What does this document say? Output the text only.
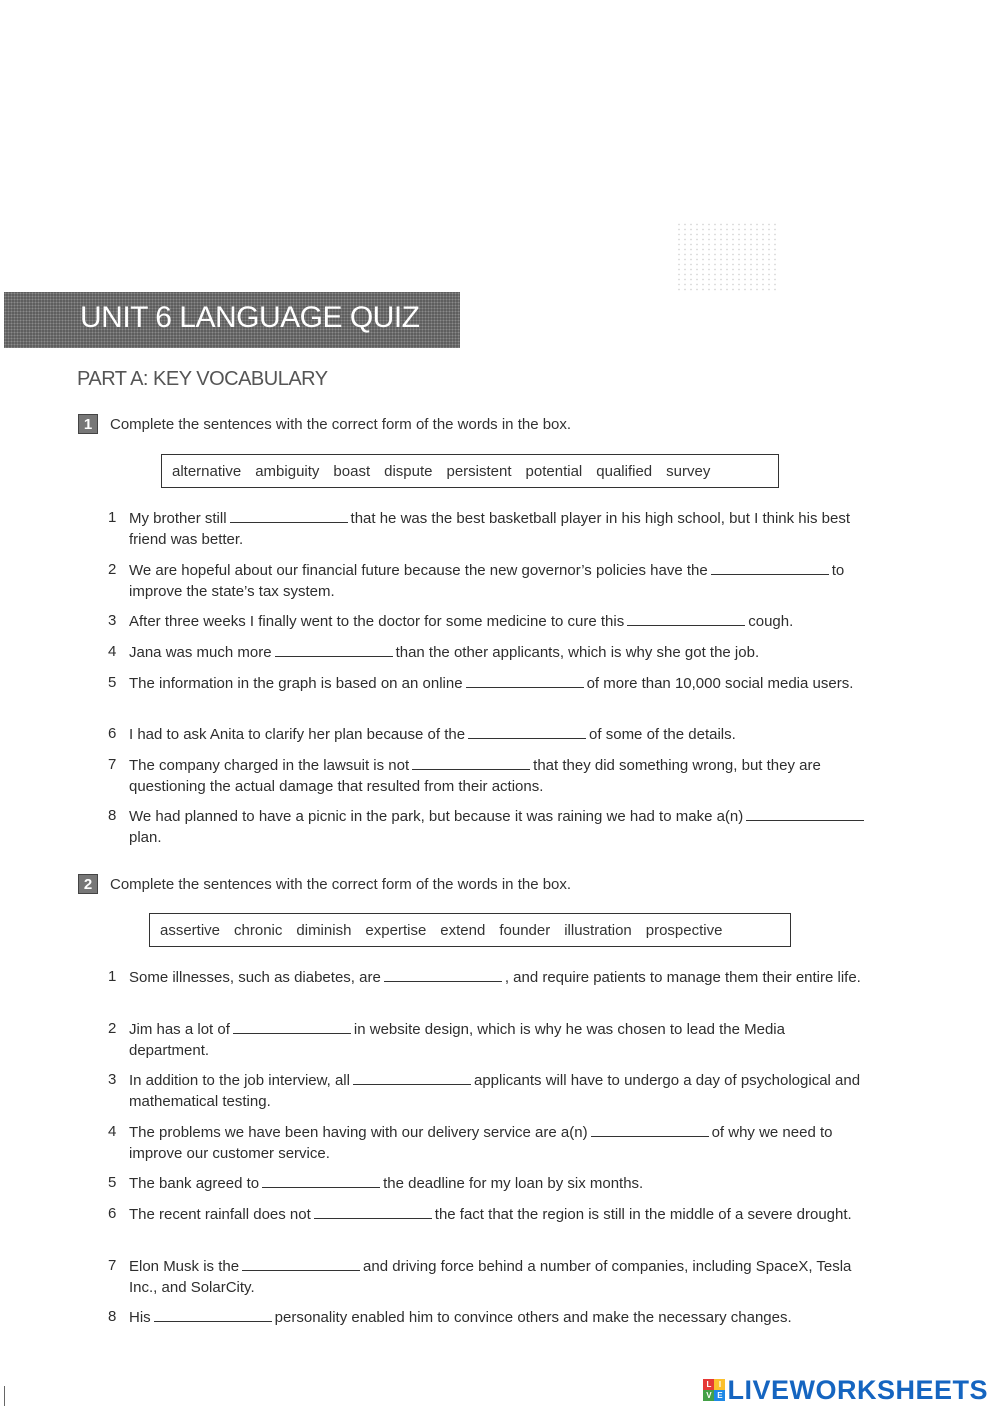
UNIT 6 LANGUAGE QUIZ
PART A: KEY VOCABULARY
1	Complete the sentences with the correct form of the words in the box.
alternative ambiguity boast dispute persistent potential qualified survey
1 My brother still	that he was the best basketball player in his high school, but I think his best friend was better.
2 We are hopeful about our financial future because the new governor’s policies have the	to improve the state’s tax system.
3 After three weeks I finally went to the doctor for some medicine to cure this	cough.
4 Jana was much more	than the other applicants, which is why she got the job.
5 The information in the graph is based on an online	of more than 10,000 social media users.
6 I had to ask Anita to clarify her plan because of the	of some of the details.
7 The company charged in the lawsuit is not	that they did something wrong, but they are questioning the actual damage that resulted from their actions.
8 We had planned to have a picnic in the park, but because it was raining we had to make a(n)plan.
2	Complete the sentences with the correct form of the words in the box.
assertive chronic diminish expertise extend founder illustration prospective
1 Some illnesses, such as diabetes, are	, and require patients to manage them their entire life.
2 Jim has a lot of	in website design, which is why he was chosen to lead the Media department.
3 In addition to the job interview, all	applicants will have to undergo a day of psychological and mathematical testing.
4 The problems we have been having with our delivery service are a(n)	of why we need to improve our customer service.
5 The bank agreed to	the deadline for my loan by six months.
6 The recent rainfall does not	the fact that the region is still in the middle of a severe drought.
7 Elon Musk is the	and driving force behind a number of companies, including SpaceX, Tesla Inc., and SolarCity.
8 His	personality enabled him to convince others and make the necessary changes.
L I
V E LIVEWORKSHEETS
